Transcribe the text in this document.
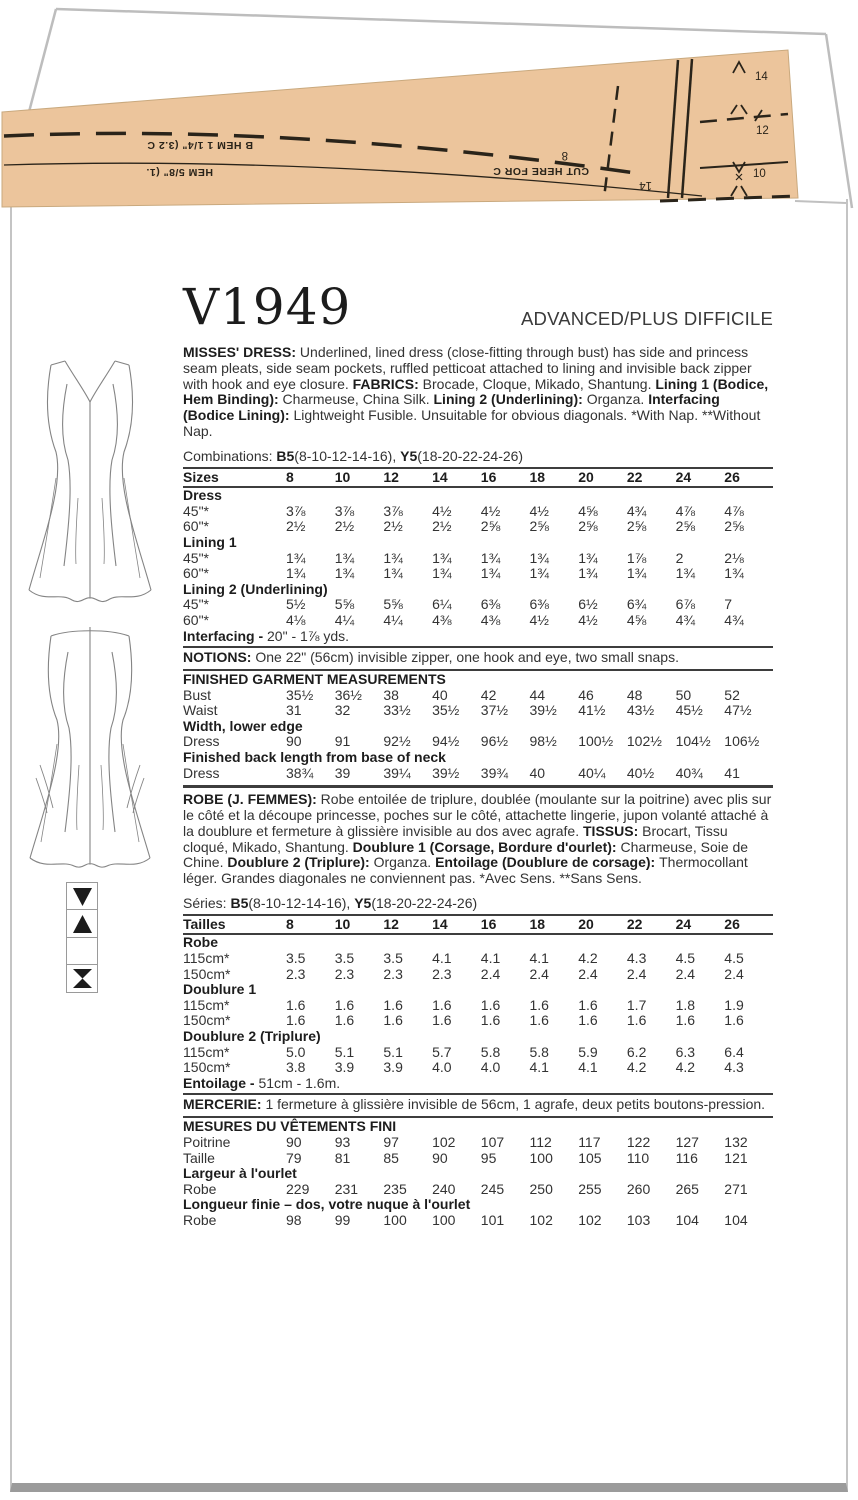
14
12
10
8
14
B HEM 1 1/4" (3.2 C
HEM 5/8" (1.	CUT HERE FOR C
V1949	ADVANCED/PLUS DIFFICILE

MISSES' DRESS: Underlined, lined dress (close-fitting through bust) has side and princess seam pleats, side seam pockets, ruffled petticoat attached to lining and invisible back zipper with hook and eye closure. FABRICS: Brocade, Cloque, Mikado, Shantung. Lining 1 (Bodice, Hem Binding): Charmeuse, China Silk. Lining 2 (Underlining): Organza. Interfacing (Bodice Lining): Lightweight Fusible. Unsuitable for obvious diagonals. *With Nap. **Without Nap.

Combinations: B5(8-10-12-14-16), Y5(18-20-22-24-26)

Sizes	8	10	12	14	16	18	20	22	24	26
Dress
45"*	3⅞	3⅞	3⅞	4½	4½	4½	4⅝	4¾	4⅞	4⅞
60"*	2½	2½	2½	2½	2⅝	2⅝	2⅝	2⅝	2⅝	2⅝
Lining 1
45"*	1¾	1¾	1¾	1¾	1¾	1¾	1¾	1⅞	2	2⅛
60"*	1¾	1¾	1¾	1¾	1¾	1¾	1¾	1¾	1¾	1¾
Lining 2 (Underlining)
45"*	5½	5⅝	5⅝	6¼	6⅜	6⅜	6½	6¾	6⅞	7
60"*	4⅛	4¼	4¼	4⅜	4⅜	4½	4½	4⅝	4¾	4¾
Interfacing - 20" - 1⅞ yds.
NOTIONS: One 22" (56cm) invisible zipper, one hook and eye, two small snaps.
FINISHED GARMENT MEASUREMENTS
Bust	35½	36½	38	40	42	44	46	48	50	52
Waist	31	32	33½	35½	37½	39½	41½	43½	45½	47½
Width, lower edge
Dress	90	91	92½	94½	96½	98½	100½ 102½ 104½ 106½
Finished back length from base of neck
Dress	38¾	39	39¼	39½	39¾	40	40¼	40½	40¾	41

ROBE (J. FEMMES): Robe entoilée de triplure, doublée (moulante sur la poitrine) avec plis sur le côté et la découpe princesse, poches sur le côté, attachette lingerie, jupon volanté attaché à la doublure et fermeture à glissière invisible au dos avec agrafe. TISSUS: Brocart, Tissu cloqué, Mikado, Shantung. Doublure 1 (Corsage, Bordure d'ourlet): Charmeuse, Soie de Chine. Doublure 2 (Triplure): Organza. Entoilage (Doublure de corsage): Thermocollant léger. Grandes diagonales ne conviennent pas. *Avec Sens. **Sans Sens.

Séries: B5(8-10-12-14-16), Y5(18-20-22-24-26)

Tailles	8	10	12	14	16	18	20	22	24	26
Robe
115cm*	3.5	3.5	3.5	4.1	4.1	4.1	4.2	4.3	4.5	4.5
150cm*	2.3	2.3	2.3	2.3	2.4	2.4	2.4	2.4	2.4	2.4
Doublure 1
115cm*	1.6	1.6	1.6	1.6	1.6	1.6	1.6	1.7	1.8	1.9
150cm*	1.6	1.6	1.6	1.6	1.6	1.6	1.6	1.6	1.6	1.6
Doublure 2 (Triplure)
115cm*	5.0	5.1	5.1	5.7	5.8	5.8	5.9	6.2	6.3	6.4
150cm*	3.8	3.9	3.9	4.0	4.0	4.1	4.1	4.2	4.2	4.3
Entoilage - 51cm - 1.6m.
MERCERIE: 1 fermeture à glissière invisible de 56cm, 1 agrafe, deux petits boutons-pression.
MESURES DU VÊTEMENTS FINI
Poitrine	90	93	97	102	107	112	117	122	127	132
Taille	79	81	85	90	95	100	105	110	116	121
Largeur à l'ourlet
Robe	229	231	235	240	245	250	255	260	265	271
Longueur finie – dos, votre nuque à l'ourlet
Robe	98	99	100	100	101	102	102	103	104	104
